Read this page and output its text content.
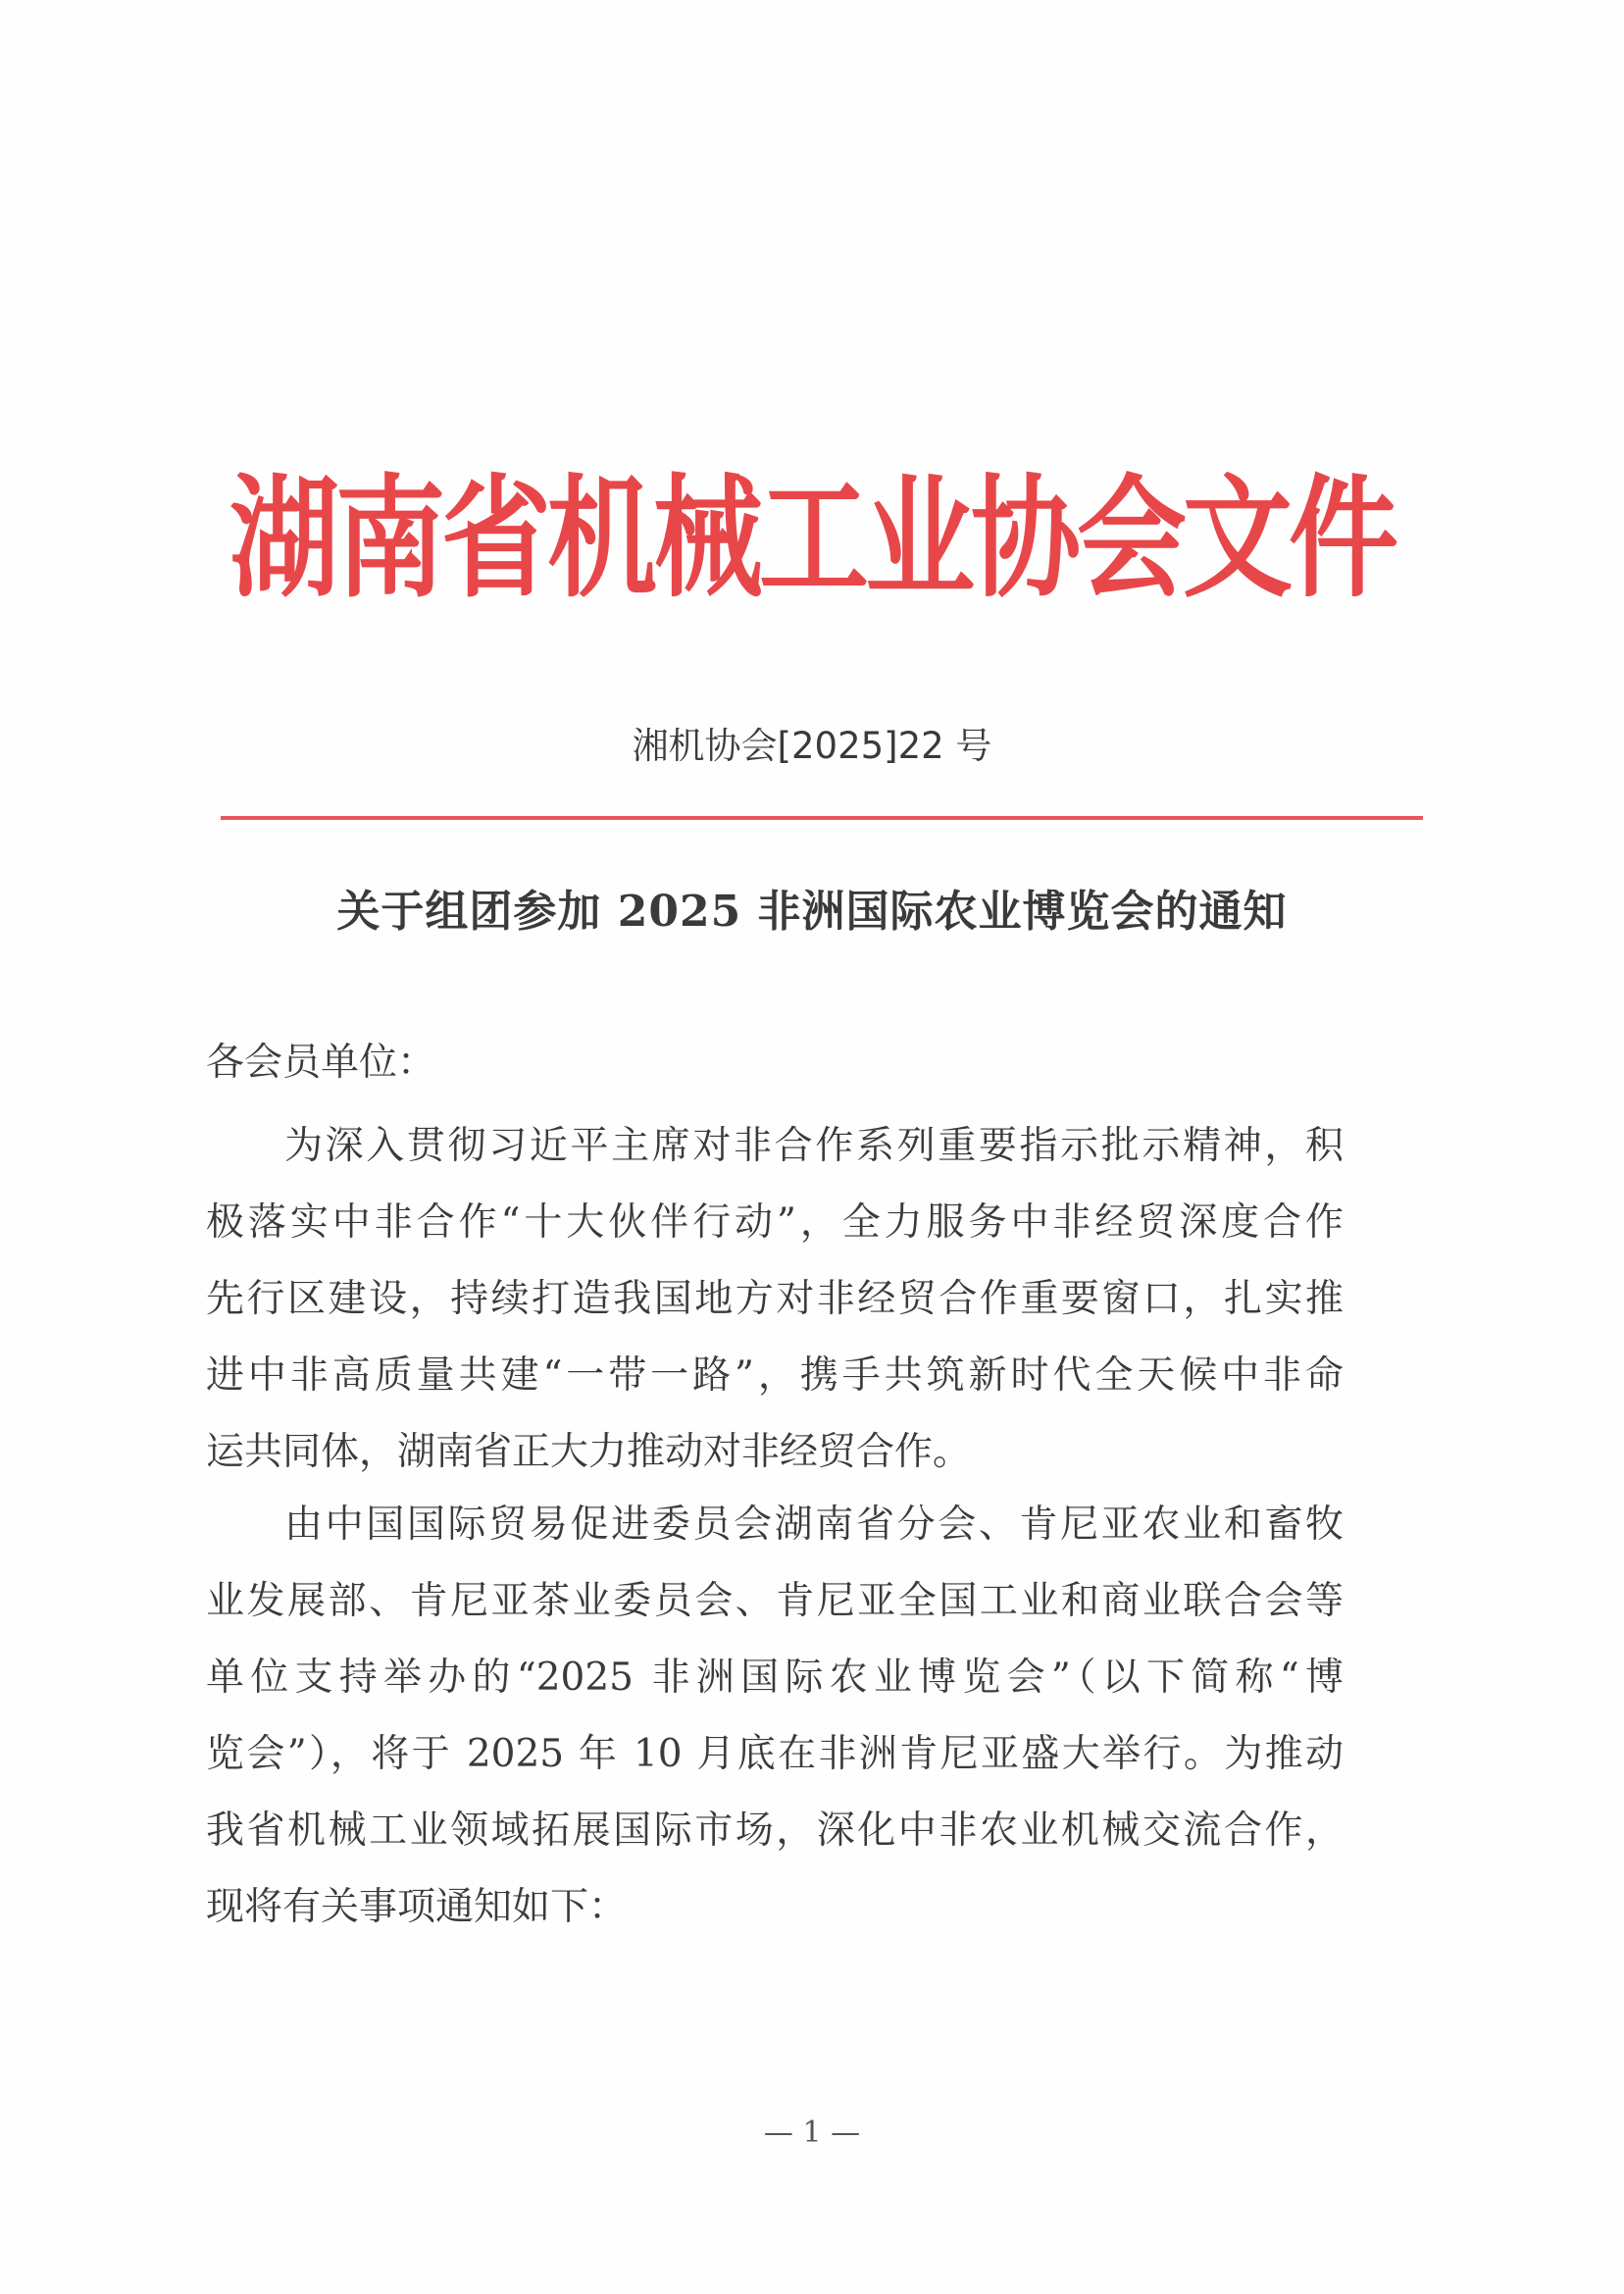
湖南省机械工业协会文件
湘机协会[2025]22 号
关于组团参加 2025 非洲国际农业博览会的通知
各会员单位：
为深入贯彻习近平主席对非合作系列重要指示批示精神，积
极落实中非合作“十大伙伴行动”，全力服务中非经贸深度合作
先行区建设，持续打造我国地方对非经贸合作重要窗口，扎实推
进中非高质量共建“一带一路”，携手共筑新时代全天候中非命
运共同体，湖南省正大力推动对非经贸合作。
由中国国际贸易促进委员会湖南省分会、肯尼亚农业和畜牧
业发展部、肯尼亚茶业委员会、肯尼亚全国工业和商业联合会等
单位支持举办的“2025 非洲国际农业博览会”（以下简称“博
览会”），将于 2025 年 10 月底在非洲肯尼亚盛大举行。为推动
我省机械工业领域拓展国际市场，深化中非农业机械交流合作，
现将有关事项通知如下：
— 1 —
